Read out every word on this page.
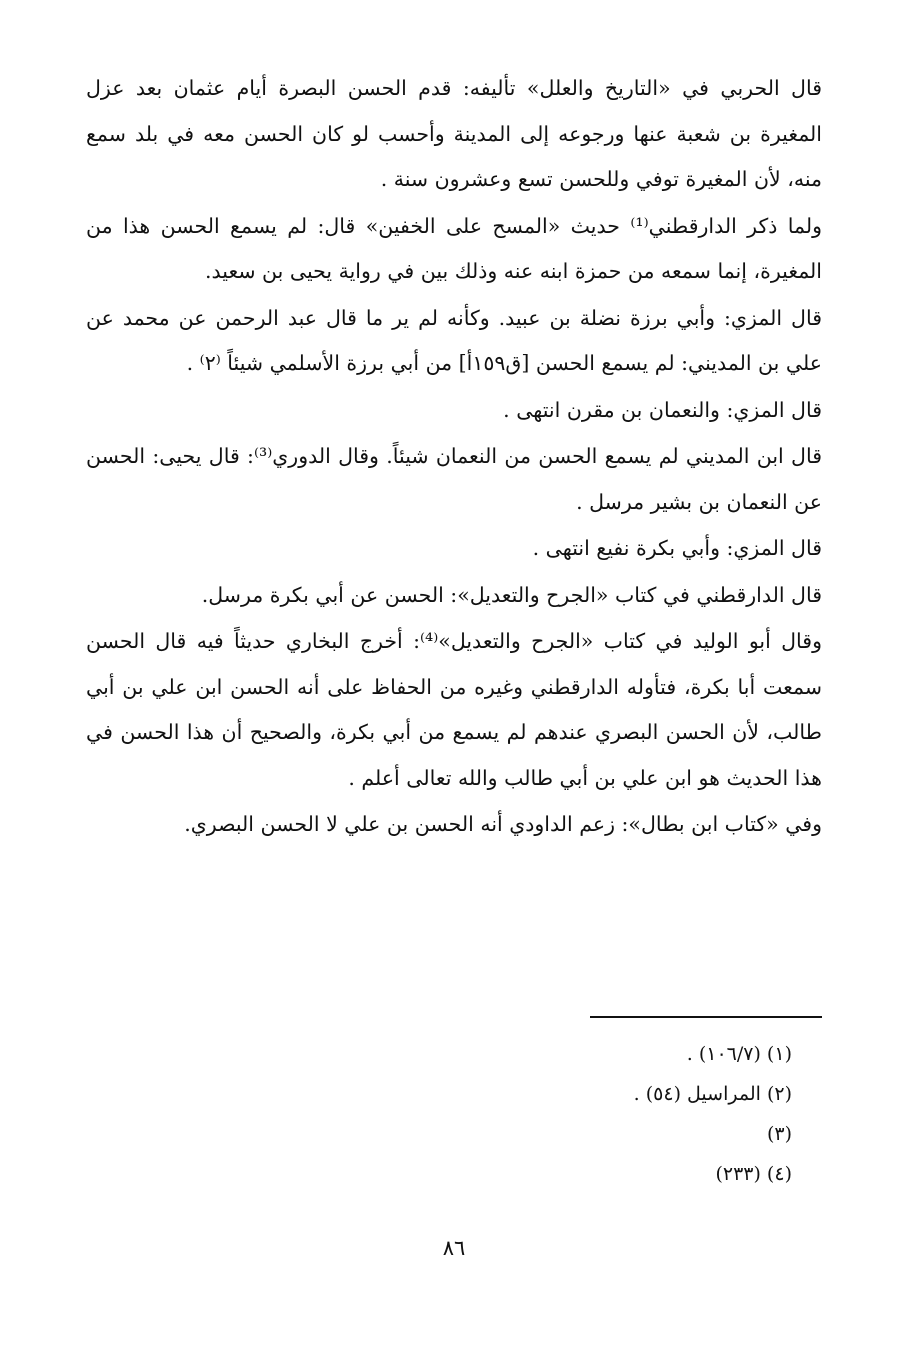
قال الحربي في «التاريخ والعلل» تأليفه: قدم الحسن البصرة أيام عثمان بعد عزل المغيرة بن شعبة عنها ورجوعه إلى المدينة وأحسب لو كان الحسن معه في بلد سمع منه، لأن المغيرة توفي وللحسن تسع وعشرون سنة .

ولما ذكر الدارقطني⁽¹⁾ حديث «المسح على الخفين» قال: لم يسمع الحسن هذا من المغيرة، إنما سمعه من حمزة ابنه عنه وذلك بين في رواية يحيى بن سعيد.

قال المزي: وأبي برزة نضلة بن عبيد. وكأنه لم ير ما قال عبد الرحمن عن محمد عن علي بن المديني: لم يسمع الحسن [ق١٥٩أ] من أبي برزة الأسلمي شيئاً ⁽٢⁾ .

قال المزي: والنعمان بن مقرن انتهى .

قال ابن المديني لم يسمع الحسن من النعمان شيئاً. وقال الدوري⁽³⁾: قال يحيى: الحسن عن النعمان بن بشير مرسل .

قال المزي: وأبي بكرة نفيع انتهى .

قال الدارقطني في كتاب «الجرح والتعديل»: الحسن عن أبي بكرة مرسل.

وقال أبو الوليد في كتاب «الجرح والتعديل»⁽⁴⁾: أخرج البخاري حديثاً فيه قال الحسن سمعت أبا بكرة، فتأوله الدارقطني وغيره من الحفاظ على أنه الحسن ابن علي بن أبي طالب، لأن الحسن البصري عندهم لم يسمع من أبي بكرة، والصحيح أن هذا الحسن في هذا الحديث هو ابن علي بن أبي طالب والله تعالى أعلم .

وفي «كتاب ابن بطال»: زعم الداودي أنه الحسن بن علي لا الحسن البصري.

(١) (١٠٦/٧) .
(٢) المراسيل (٥٤) .
(٣)
(٤) (٢٣٣)
٨٦
